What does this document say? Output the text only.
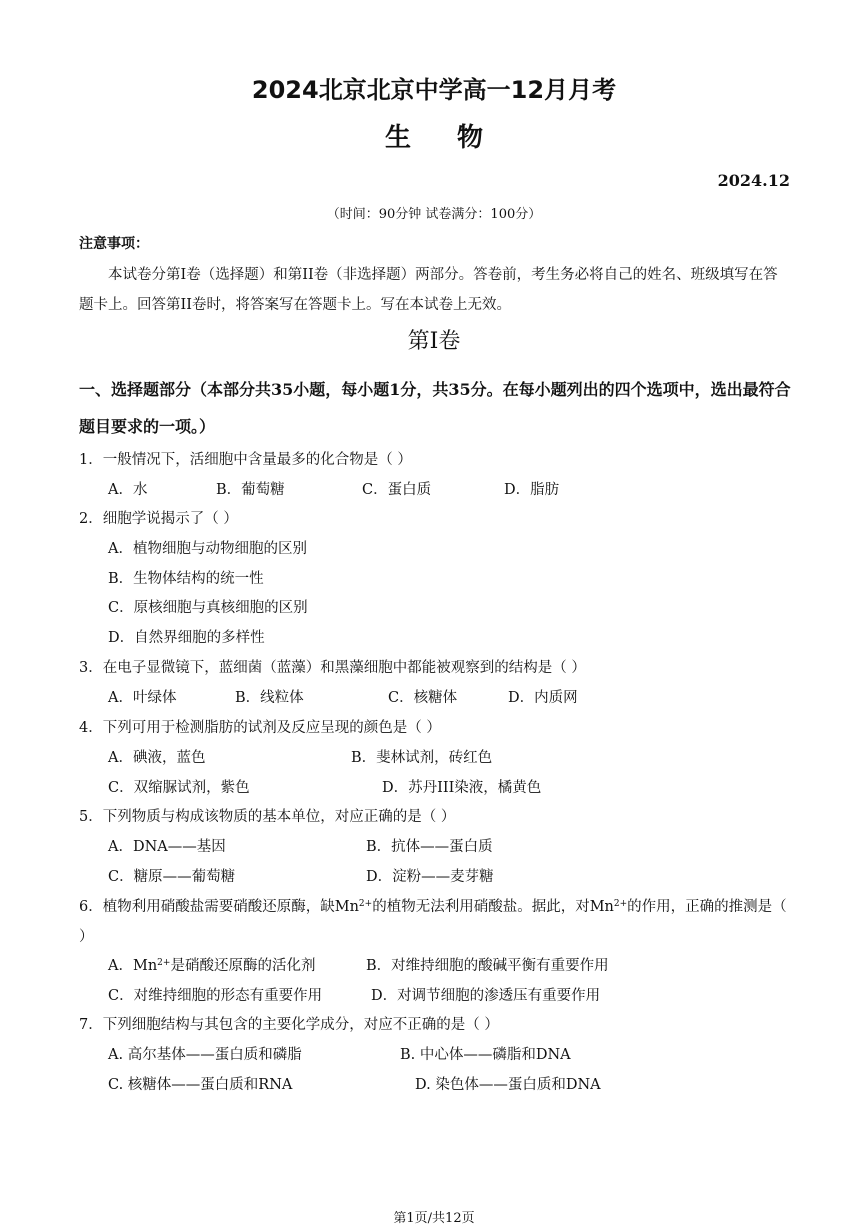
2024北京北京中学高一12月月考
生物
2024.12
（时间：90分钟 试卷满分：100分）
注意事项：
本试卷分第I卷（选择题）和第II卷（非选择题）两部分。答卷前，考生务必将自己的姓名、班级填写在答题卡上。回答第II卷时，将答案写在答题卡上。写在本试卷上无效。
第I卷
一、选择题部分（本部分共35小题，每小题1分，共35分。在每小题列出的四个选项中，选出最符合题目要求的一项。）
1．一般情况下，活细胞中含量最多的化合物是（ ）
A．水	B．葡萄糖	C．蛋白质	D．脂肪
2．细胞学说揭示了（ ）
A．植物细胞与动物细胞的区别
B．生物体结构的统一性
C．原核细胞与真核细胞的区别
D．自然界细胞的多样性
3．在电子显微镜下，蓝细菌（蓝藻）和黑藻细胞中都能被观察到的结构是（ ）
A．叶绿体	B．线粒体	C．核糖体	D．内质网
4．下列可用于检测脂肪的试剂及反应呈现的颜色是（ ）
A．碘液，蓝色	B．斐林试剂，砖红色
C．双缩脲试剂，紫色	D．苏丹III染液，橘黄色
5．下列物质与构成该物质的基本单位，对应正确的是（ ）
A．DNA——基因	B．抗体——蛋白质
C．糖原——葡萄糖	D．淀粉——麦芽糖
6．植物利用硝酸盐需要硝酸还原酶，缺$Mn^{2+}$的植物无法利用硝酸盐。据此，对$Mn^{2+}$的作用，正确的推测是（ ）
A．$Mn^{2+}$是硝酸还原酶的活化剂	B．对维持细胞的酸碱平衡有重要作用
C．对维持细胞的形态有重要作用	D．对调节细胞的渗透压有重要作用
7．下列细胞结构与其包含的主要化学成分，对应不正确的是（ ）
A. 高尔基体——蛋白质和磷脂	B. 中心体——磷脂和DNA
C. 核糖体——蛋白质和RNA	D. 染色体——蛋白质和DNA
第1页/共12页
